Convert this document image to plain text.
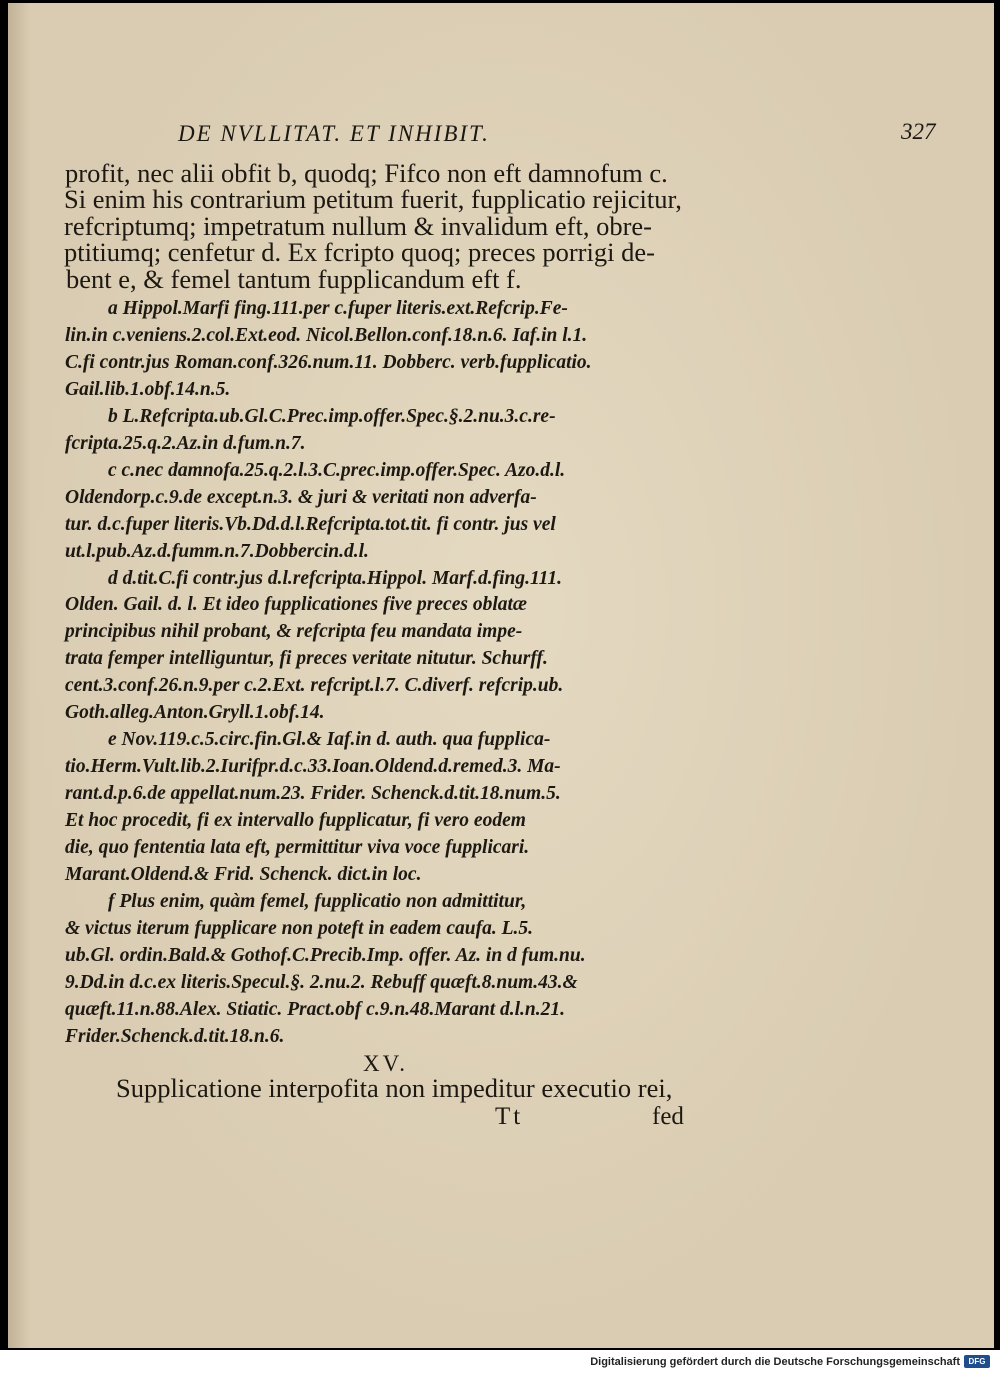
DE NVLLITAT. ET INHIBIT.	327
profit, nec alii obfit b, quodq; Fifco non eft damnofum c.
Si enim his contrarium petitum fuerit, fupplicatio rejicitur,
refcriptumq; impetratum nullum & invalidum eft, obre-
ptitiumq; cenfetur d. Ex fcripto quoq; preces porrigi de-
bent e, & femel tantum fupplicandum eft f.
a Hippol.Marfi fing.111.per c.fuper literis.ext.Refcrip.Fe-
lin.in c.veniens.2.col.Ext.eod. Nicol.Bellon.conf.18.n.6. Iaf.in l.1.
C.fi contr.jus Roman.conf.326.num.11. Dobberc. verb.fupplicatio.
Gail.lib.1.obf.14.n.5.
b L.Refcripta.ub.Gl.C.Prec.imp.offer.Spec.§.2.nu.3.c.re-
fcripta.25.q.2.Az.in d.fum.n.7.
c c.nec damnofa.25.q.2.l.3.C.prec.imp.offer.Spec. Azo.d.l.
Oldendorp.c.9.de except.n.3. & juri & veritati non adverfa-
tur. d.c.fuper literis.Vb.Dd.d.l.Refcripta.tot.tit. fi contr. jus vel
ut.l.pub.Az.d.fumm.n.7.Dobbercin.d.l.
d d.tit.C.fi contr.jus d.l.refcripta.Hippol. Marf.d.fing.111.
Olden. Gail. d. l. Et ideo fupplicationes five preces oblatæ
principibus nihil probant, & refcripta feu mandata impe-
trata femper intelliguntur, fi preces veritate nitutur. Schurff.
cent.3.conf.26.n.9.per c.2.Ext. refcript.l.7. C.diverf. refcrip.ub.
Goth.alleg.Anton.Gryll.1.obf.14.
e Nov.119.c.5.circ.fin.Gl.& Iaf.in d. auth. qua fupplica-
tio.Herm.Vult.lib.2.Iurifpr.d.c.33.Ioan.Oldend.d.remed.3. Ma-
rant.d.p.6.de appellat.num.23. Frider. Schenck.d.tit.18.num.5.
Et hoc procedit, fi ex intervallo fupplicatur, fi vero eodem
die, quo fententia lata eft, permittitur viva voce fupplicari.
Marant.Oldend.& Frid. Schenck. dict.in loc.
f Plus enim, quàm femel, fupplicatio non admittitur,
& victus iterum fupplicare non poteft in eadem caufa. L.5.
ub.Gl. ordin.Bald.& Gothof.C.Precib.Imp. offer. Az. in d fum.nu.
9.Dd.in d.c.ex literis.Specul.§. 2.nu.2. Rebuff quæft.8.num.43.&
quæft.11.n.88.Alex. Stiatic. Pract.obf c.9.n.48.Marant d.l.n.21.
Frider.Schenck.d.tit.18.n.6.
XV.
Supplicatione interpofita non impeditur executio rei,
Tt	fed
Digitalisierung gefördert durch die Deutsche Forschungsgemeinschaft	DFG
